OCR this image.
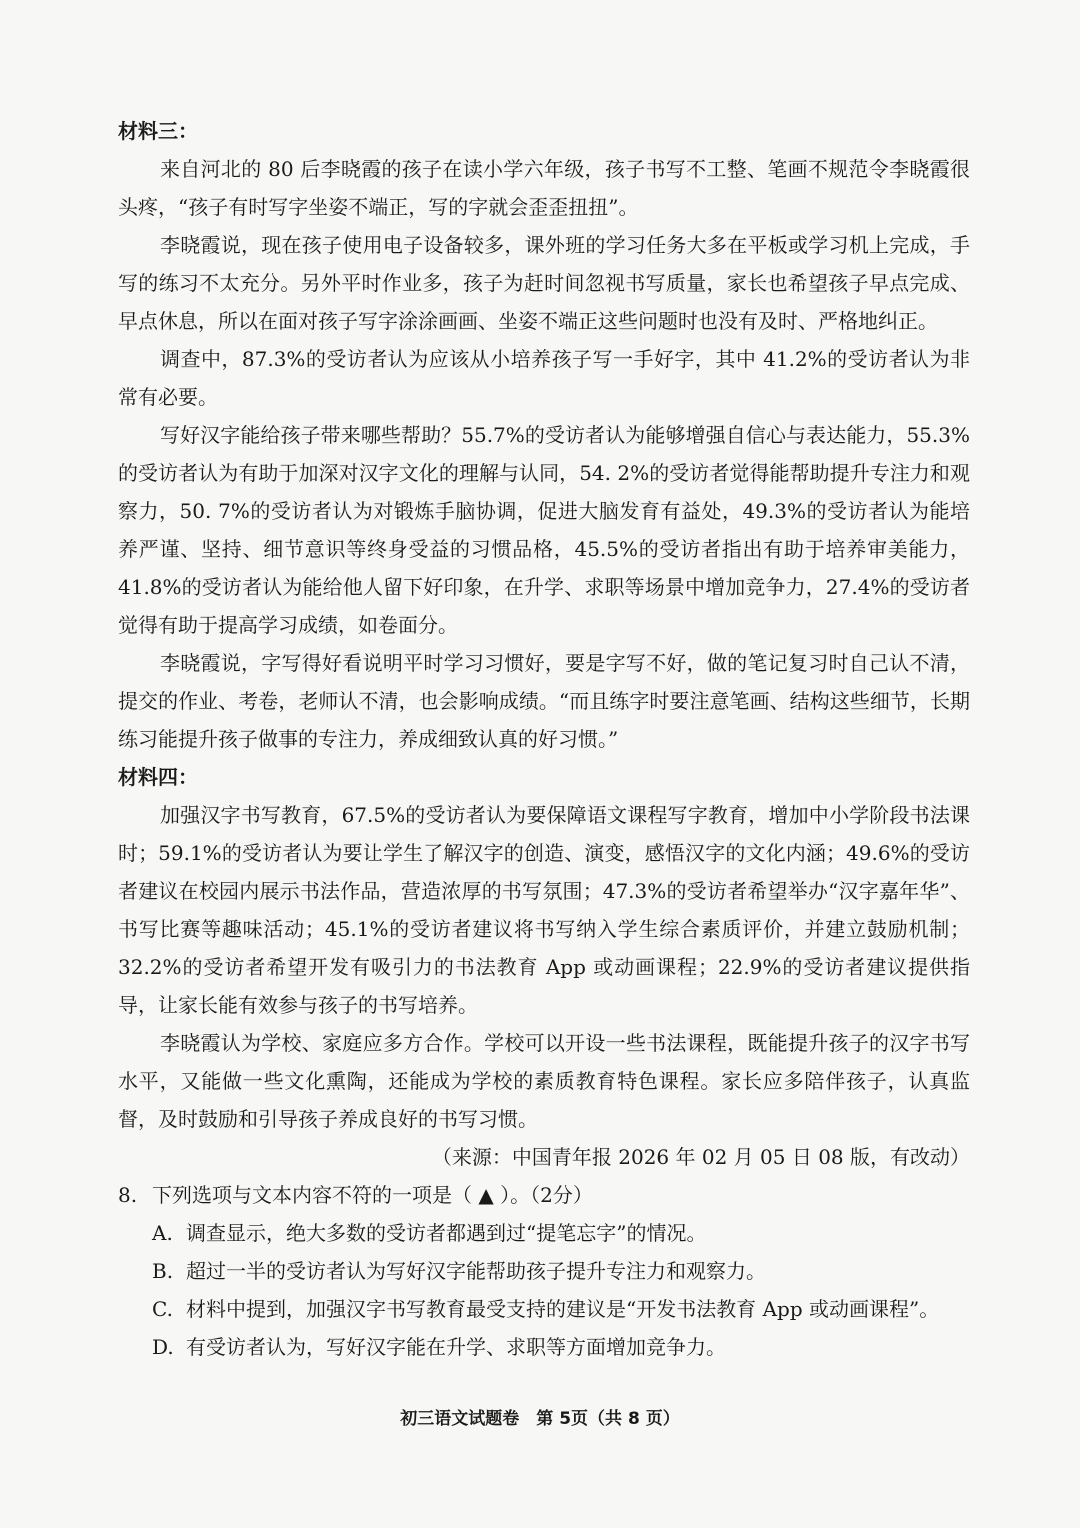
材料三：

来自河北的 80 后李晓霞的孩子在读小学六年级，孩子书写不工整、笔画不规范令李晓霞很头疼，“孩子有时写字坐姿不端正，写的字就会歪歪扭扭”。

李晓霞说，现在孩子使用电子设备较多，课外班的学习任务大多在平板或学习机上完成，手写的练习不太充分。另外平时作业多，孩子为赶时间忽视书写质量，家长也希望孩子早点完成、早点休息，所以在面对孩子写字涂涂画画、坐姿不端正这些问题时也没有及时、严格地纠正。

调查中，87.3%的受访者认为应该从小培养孩子写一手好字，其中 41.2%的受访者认为非常有必要。

写好汉字能给孩子带来哪些帮助？55.7%的受访者认为能够增强自信心与表达能力，55.3%的受访者认为有助于加深对汉字文化的理解与认同，54. 2%的受访者觉得能帮助提升专注力和观察力，50. 7%的受访者认为对锻炼手脑协调，促进大脑发育有益处，49.3%的受访者认为能培养严谨、坚持、细节意识等终身受益的习惯品格，45.5%的受访者指出有助于培养审美能力，41.8%的受访者认为能给他人留下好印象，在升学、求职等场景中增加竞争力，27.4%的受访者觉得有助于提高学习成绩，如卷面分。

李晓霞说，字写得好看说明平时学习习惯好，要是字写不好，做的笔记复习时自己认不清，提交的作业、考卷，老师认不清，也会影响成绩。“而且练字时要注意笔画、结构这些细节，长期练习能提升孩子做事的专注力，养成细致认真的好习惯。”

材料四：

加强汉字书写教育，67.5%的受访者认为要保障语文课程写字教育，增加中小学阶段书法课时；59.1%的受访者认为要让学生了解汉字的创造、演变，感悟汉字的文化内涵；49.6%的受访者建议在校园内展示书法作品，营造浓厚的书写氛围；47.3%的受访者希望举办“汉字嘉年华”、书写比赛等趣味活动；45.1%的受访者建议将书写纳入学生综合素质评价，并建立鼓励机制；32.2%的受访者希望开发有吸引力的书法教育 App 或动画课程；22.9%的受访者建议提供指导，让家长能有效参与孩子的书写培养。

李晓霞认为学校、家庭应多方合作。学校可以开设一些书法课程，既能提升孩子的汉字书写水平，又能做一些文化熏陶，还能成为学校的素质教育特色课程。家长应多陪伴孩子，认真监督，及时鼓励和引导孩子养成良好的书写习惯。

（来源：中国青年报 2026 年 02 月 05 日 08 版，有改动）

8. 下列选项与文本内容不符的一项是（ ▲ ）。（2分）

A. 调查显示，绝大多数的受访者都遇到过“提笔忘字”的情况。

B. 超过一半的受访者认为写好汉字能帮助孩子提升专注力和观察力。

C. 材料中提到，加强汉字书写教育最受支持的建议是“开发书法教育 App 或动画课程”。

D. 有受访者认为，写好汉字能在升学、求职等方面增加竞争力。

初三语文试题卷　第 5页（共 8 页）
